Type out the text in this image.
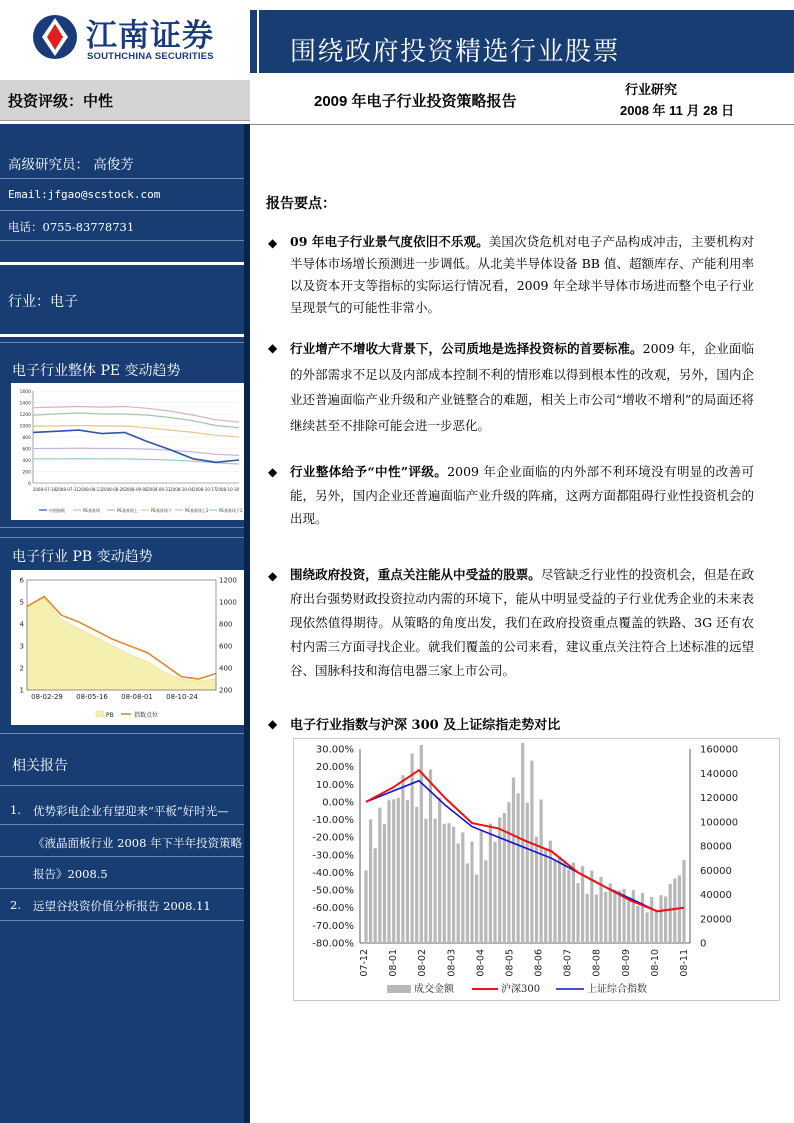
江南证券
SOUTHCHINA SECURITIES	围绕政府投资精选行业股票
投资评级：中性	2009 年电子行业投资策略报告
行业研究
2008 年 11 月 28 日
高级研究员： 高俊芳
Email:jfgao@scstock.com
电话：0755-83778731
行业：电子
电子行业整体 PE 变动趋势
1600
1400
1200
1000
800
600
400
200
0
2008-07-18 2008-07-31 2008-08-13 2008-08-26 2008-09-08 2008-09-21 2008-10-04 2008-10-17 2008-10-30
中值指数	PE基准线	PE基准线上	PE基准线下	PE基准线上2	PE基准线下2
电子行业 PB 变动趋势
6
5
4
3
2
1
1200
1000
800
600
400
200
08-02-29 08-05-16 08-08-01 08-10-24
PB	指数点位
相关报告
1. 优势彩电企业有望迎来“平板”好时光—
《液晶面板行业 2008 年下半年投资策略
报告》2008.5
2. 远望谷投资价值分析报告 2008.11
报告要点：
◆ 09 年电子行业景气度依旧不乐观。美国次贷危机对电子产品构成冲击，主要机构对半导体市场增长预测进一步调低。从北美半导体设备 BB 值、超额库存、产能利用率以及资本开支等指标的实际运行情况看，2009 年全球半导体市场进而整个电子行业呈现景气的可能性非常小。
◆ 行业增产不增收大背景下，公司质地是选择投资标的首要标准。2009 年，企业面临的外部需求不足以及内部成本控制不利的情形难以得到根本性的改观，另外，国内企业还普遍面临产业升级和产业链整合的难题，相关上市公司“增收不增利”的局面还将继续甚至不排除可能会进一步恶化。
◆ 行业整体给予“中性”评级。2009 年企业面临的内外部不利环境没有明显的改善可能，另外，国内企业还普遍面临产业升级的阵痛，这两方面都阻碍行业性投资机会的出现。
◆ 围绕政府投资，重点关注能从中受益的股票。尽管缺乏行业性的投资机会，但是在政府出台强势财政投资拉动内需的环境下，能从中明显受益的子行业优秀企业的未来表现依然值得期待。从策略的角度出发，我们在政府投资重点覆盖的铁路、3G 还有农村内需三方面寻找企业。就我们覆盖的公司来看，建议重点关注符合上述标准的远望谷、国脉科技和海信电器三家上市公司。
◆ 电子行业指数与沪深 300 及上证综指走势对比
30.00%
20.00%
10.00%
0.00%
-10.00%
-20.00%
-30.00%
-40.00%
-50.00%
-60.00%
-70.00%
-80.00%
160000
140000
120000
100000
80000
60000
40000
20000
0
07-12 08-01 08-02 08-03 08-04 08-05 08-06 08-07 08-08 08-09 08-10 08-11
成交金额	沪深300	上证综合指数
